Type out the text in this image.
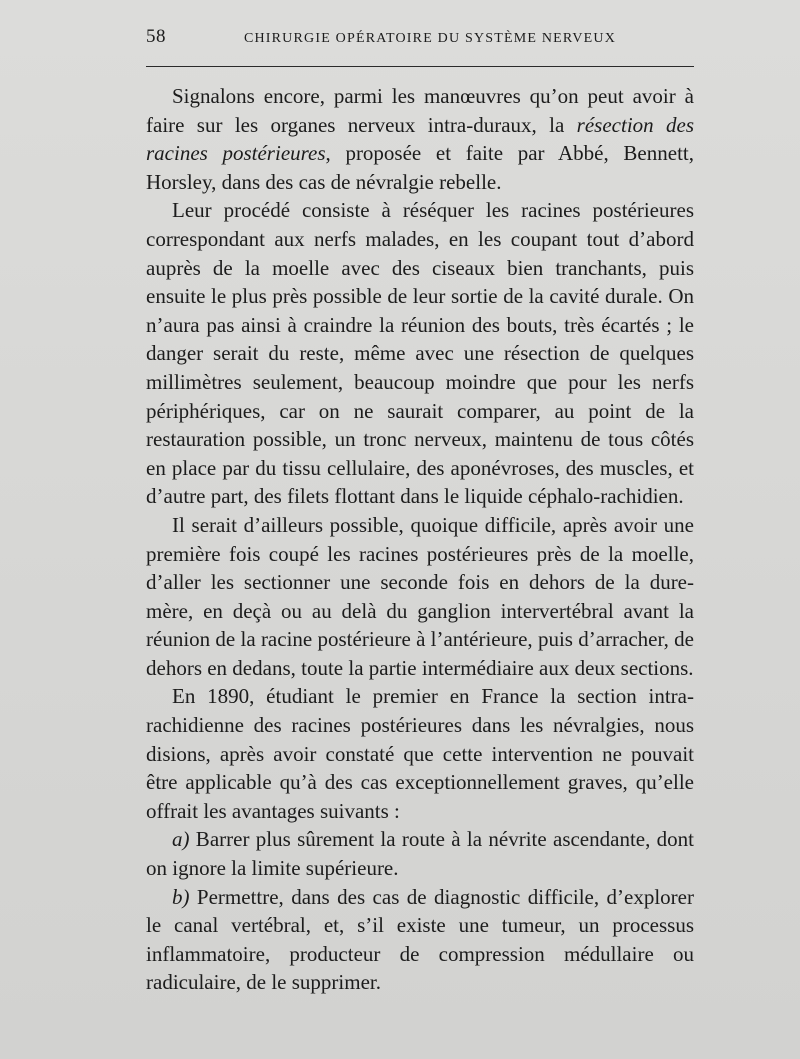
58	CHIRURGIE OPÉRATOIRE DU SYSTÈME NERVEUX

Signalons encore, parmi les manœuvres qu’on peut avoir à faire sur les organes nerveux intra-duraux, la résection des racines postérieures, proposée et faite par Abbé, Bennett, Horsley, dans des cas de névralgie rebelle.

Leur procédé consiste à réséquer les racines postérieures correspondant aux nerfs malades, en les coupant tout d’abord auprès de la moelle avec des ciseaux bien tranchants, puis ensuite le plus près possible de leur sortie de la cavité durale. On n’aura pas ainsi à craindre la réunion des bouts, très écartés ; le danger serait du reste, même avec une résection de quelques millimètres seulement, beaucoup moindre que pour les nerfs périphériques, car on ne saurait comparer, au point de la restauration possible, un tronc nerveux, maintenu de tous côtés en place par du tissu cellulaire, des aponévroses, des muscles, et d’autre part, des filets flottant dans le liquide céphalo-rachidien.

Il serait d’ailleurs possible, quoique difficile, après avoir une première fois coupé les racines postérieures près de la moelle, d’aller les sectionner une seconde fois en dehors de la dure-mère, en deçà ou au delà du ganglion intervertébral avant la réunion de la racine postérieure à l’antérieure, puis d’arracher, de dehors en dedans, toute la partie intermédiaire aux deux sections.

En 1890, étudiant le premier en France la section intrarachidienne des racines postérieures dans les névralgies, nous disions, après avoir constaté que cette intervention ne pouvait être applicable qu’à des cas exceptionnellement graves, qu’elle offrait les avantages suivants :

a) Barrer plus sûrement la route à la névrite ascendante, dont on ignore la limite supérieure.

b) Permettre, dans des cas de diagnostic difficile, d’explorer le canal vertébral, et, s’il existe une tumeur, un processus inflammatoire, producteur de compression médullaire ou radiculaire, de le supprimer.
